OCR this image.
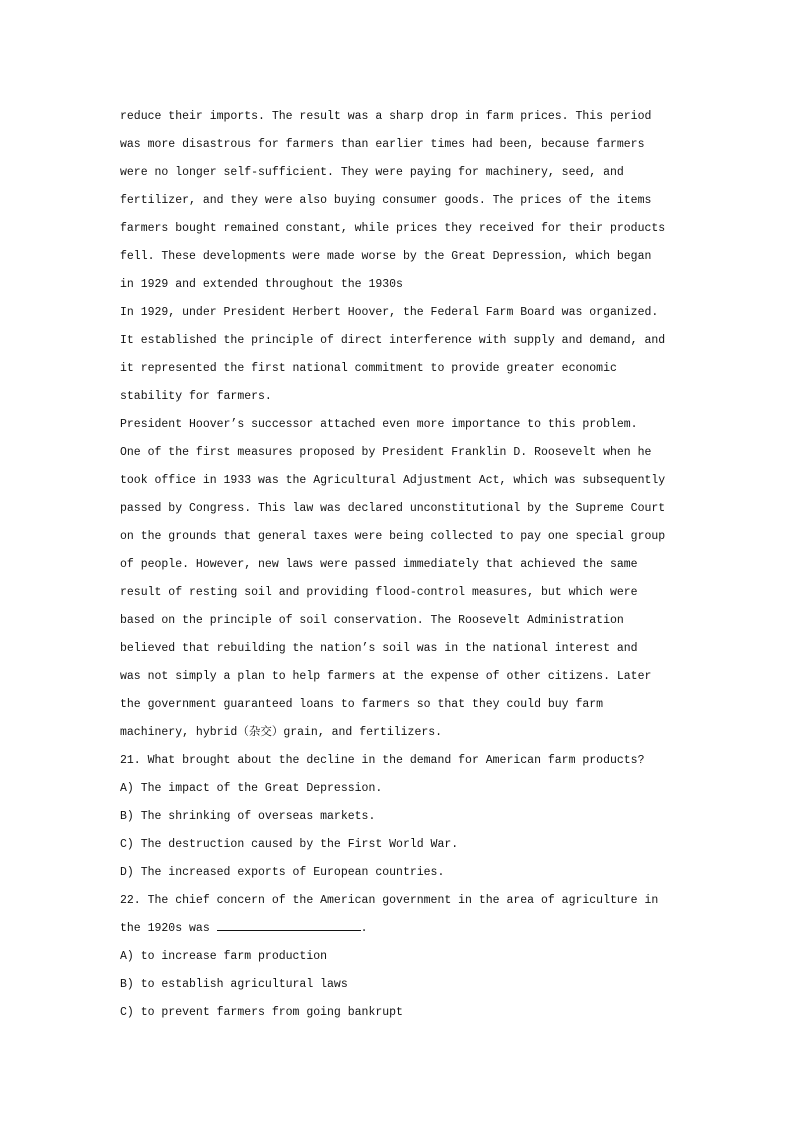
reduce their imports. The result was a sharp drop in farm prices. This period
was more disastrous for farmers than earlier times had been, because farmers
were no longer self-sufficient. They were paying for machinery, seed, and
fertilizer, and they were also buying consumer goods. The prices of the items
farmers bought remained constant, while prices they received for their products
fell. These developments were made worse by the Great Depression, which began
in 1929 and extended throughout the 1930s
In 1929, under President Herbert Hoover, the Federal Farm Board was organized.
It established the principle of direct interference with supply and demand, and
it represented the first national commitment to provide greater economic
stability for farmers.
President Hoover’s successor attached even more importance to this problem.
One of the first measures proposed by President Franklin D. Roosevelt when he
took office in 1933 was the Agricultural Adjustment Act, which was subsequently
passed by Congress. This law was declared unconstitutional by the Supreme Court
on the grounds that general taxes were being collected to pay one special group
of people. However, new laws were passed immediately that achieved the same
result of resting soil and providing flood-control measures, but which were
based on the principle of soil conservation. The Roosevelt Administration
believed that rebuilding the nation’s soil was in the national interest and
was not simply a plan to help farmers at the expense of other citizens. Later
the government guaranteed loans to farmers so that they could buy farm
machinery, hybrid（杂交）grain, and fertilizers.
21. What brought about the decline in the demand for American farm products?
A) The impact of the Great Depression.
B) The shrinking of overseas markets.
C) The destruction caused by the First World War.
D) The increased exports of European countries.
22. The chief concern of the American government in the area of agriculture in
the 1920s was	.
A) to increase farm production
B) to establish agricultural laws
C) to prevent farmers from going bankrupt
